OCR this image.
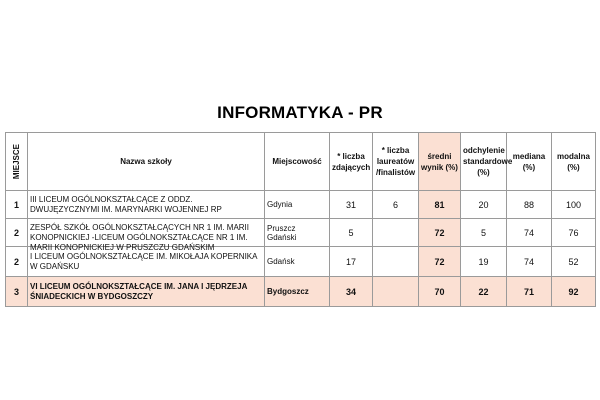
INFORMATYKA - PR
MIEJSCE	Nazwa szkoły	Miejscowość	* liczba zdających	* liczba laureatów /finalistów	średni wynik (%)	odchylenie standardowe (%)	mediana (%)	modalna (%)
1	III LICEUM OGÓLNOKSZTAŁCĄCE Z ODDZ. DWUJĘZYCZNYMI IM. MARYNARKI WOJENNEJ RP	Gdynia	31	6	81	20	88	100
2	ZESPÓŁ SZKÓŁ OGÓLNOKSZTAŁCĄCYCH NR 1 IM. MARII KONOPNICKIEJ -LICEUM OGÓLNOKSZTAŁCĄCE NR 1 IM. MARII KONOPNICKIEJ W PRUSZCZU GDAŃSKIM	Pruszcz Gdański	5		72	5	74	76
2	I LICEUM OGÓLNOKSZTAŁCĄCE IM. MIKOŁAJA KOPERNIKA W GDAŃSKU	Gdańsk	17		72	19	74	52
3	VI LICEUM OGÓLNOKSZTAŁCĄCE IM. JANA I JĘDRZEJA ŚNIADECKICH W BYDGOSZCZY	Bydgoszcz	34		70	22	71	92
